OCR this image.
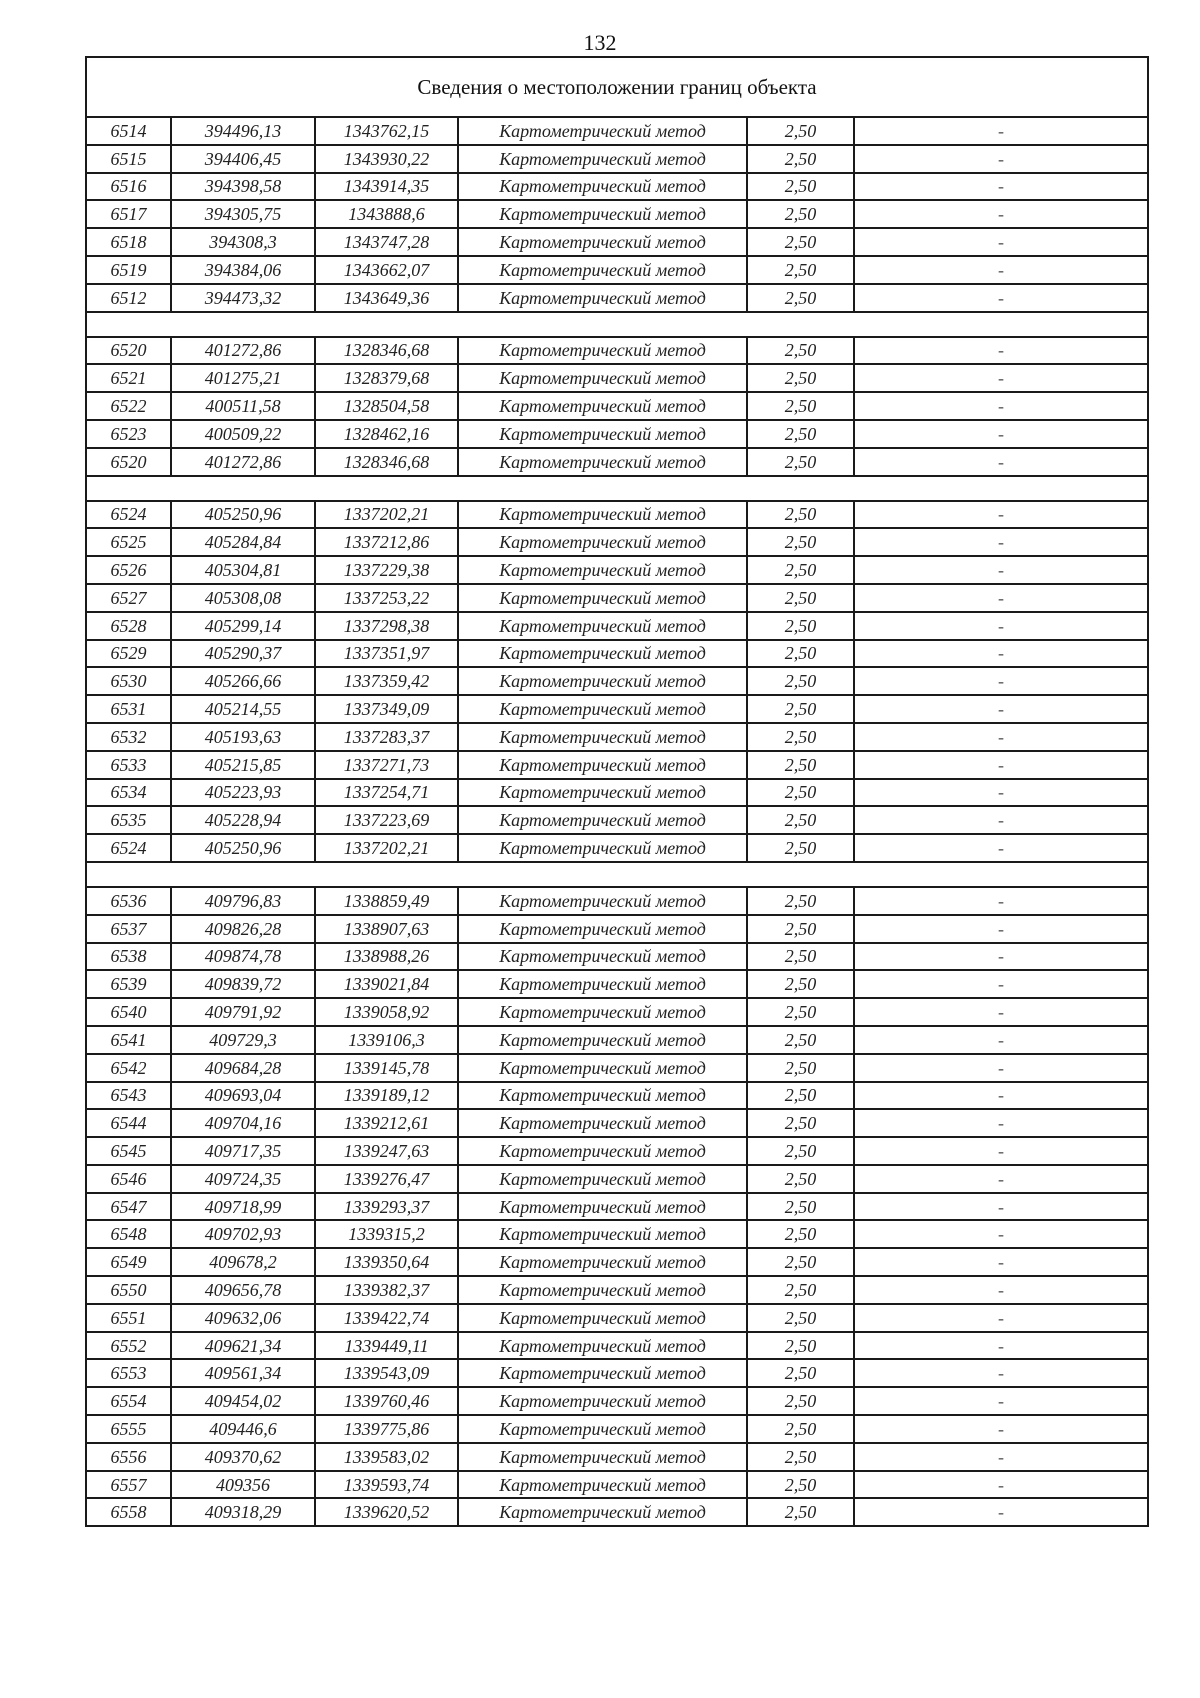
132
Сведения о местоположении границ объекта					
6514	394496,13	1343762,15	Картометрический метод	2,50	-
6515	394406,45	1343930,22	Картометрический метод	2,50	-
6516	394398,58	1343914,35	Картометрический метод	2,50	-
6517	394305,75	1343888,6	Картометрический метод	2,50	-
6518	394308,3	1343747,28	Картометрический метод	2,50	-
6519	394384,06	1343662,07	Картометрический метод	2,50	-
6512	394473,32	1343649,36	Картометрический метод	2,50	-

6520	401272,86	1328346,68	Картометрический метод	2,50	-
6521	401275,21	1328379,68	Картометрический метод	2,50	-
6522	400511,58	1328504,58	Картометрический метод	2,50	-
6523	400509,22	1328462,16	Картометрический метод	2,50	-
6520	401272,86	1328346,68	Картометрический метод	2,50	-

6524	405250,96	1337202,21	Картометрический метод	2,50	-
6525	405284,84	1337212,86	Картометрический метод	2,50	-
6526	405304,81	1337229,38	Картометрический метод	2,50	-
6527	405308,08	1337253,22	Картометрический метод	2,50	-
6528	405299,14	1337298,38	Картометрический метод	2,50	-
6529	405290,37	1337351,97	Картометрический метод	2,50	-
6530	405266,66	1337359,42	Картометрический метод	2,50	-
6531	405214,55	1337349,09	Картометрический метод	2,50	-
6532	405193,63	1337283,37	Картометрический метод	2,50	-
6533	405215,85	1337271,73	Картометрический метод	2,50	-
6534	405223,93	1337254,71	Картометрический метод	2,50	-
6535	405228,94	1337223,69	Картометрический метод	2,50	-
6524	405250,96	1337202,21	Картометрический метод	2,50	-

6536	409796,83	1338859,49	Картометрический метод	2,50	-
6537	409826,28	1338907,63	Картометрический метод	2,50	-
6538	409874,78	1338988,26	Картометрический метод	2,50	-
6539	409839,72	1339021,84	Картометрический метод	2,50	-
6540	409791,92	1339058,92	Картометрический метод	2,50	-
6541	409729,3	1339106,3	Картометрический метод	2,50	-
6542	409684,28	1339145,78	Картометрический метод	2,50	-
6543	409693,04	1339189,12	Картометрический метод	2,50	-
6544	409704,16	1339212,61	Картометрический метод	2,50	-
6545	409717,35	1339247,63	Картометрический метод	2,50	-
6546	409724,35	1339276,47	Картометрический метод	2,50	-
6547	409718,99	1339293,37	Картометрический метод	2,50	-
6548	409702,93	1339315,2	Картометрический метод	2,50	-
6549	409678,2	1339350,64	Картометрический метод	2,50	-
6550	409656,78	1339382,37	Картометрический метод	2,50	-
6551	409632,06	1339422,74	Картометрический метод	2,50	-
6552	409621,34	1339449,11	Картометрический метод	2,50	-
6553	409561,34	1339543,09	Картометрический метод	2,50	-
6554	409454,02	1339760,46	Картометрический метод	2,50	-
6555	409446,6	1339775,86	Картометрический метод	2,50	-
6556	409370,62	1339583,02	Картометрический метод	2,50	-
6557	409356	1339593,74	Картометрический метод	2,50	-
6558	409318,29	1339620,52	Картометрический метод	2,50	-
